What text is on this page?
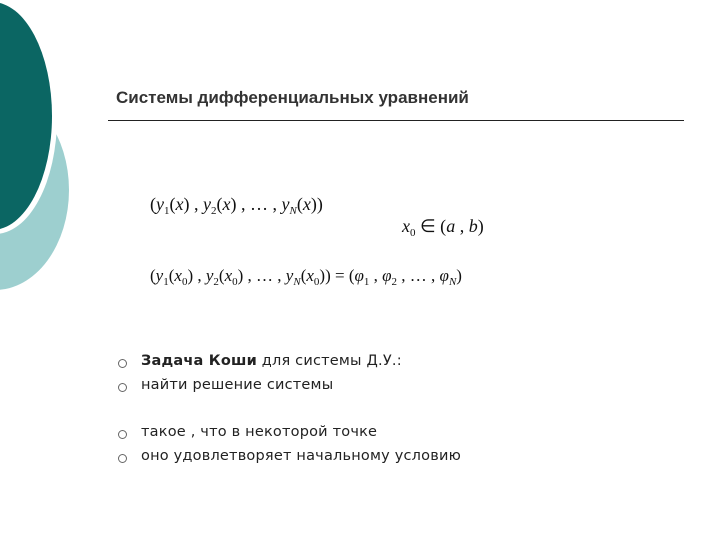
Системы дифференциальных уравнений
($y_1(x)$ , $y_2(x)$ , … , $y_N(x)$)
$x_0$ ∈ (a , b)
($y_1(x_0)$ , $y_2(x_0)$ , … , $y_N(x_0)) = (\varphi_1$ , $\varphi_2$ , … , $\varphi_N$)
Задача Коши для системы Д.У.:
найти решение системы
такое , что в некоторой точке
оно удовлетворяет начальному условию
